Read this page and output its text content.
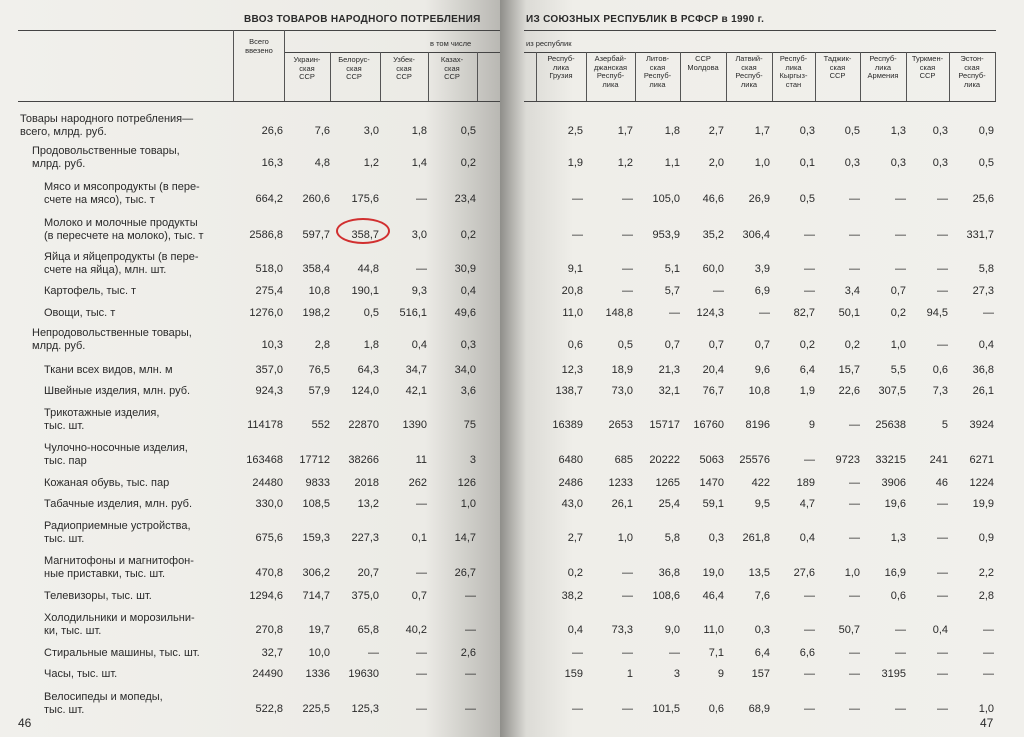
ВВОЗ ТОВАРОВ НАРОДНОГО ПОТРЕБЛЕНИЯ
Всего
ввезено
в том числе
Украин-
ская
ССР
Белорус-
ская
ССР
Узбек-
ская
ССР
Казах-
ская
ССР
Товары народного потребления—
всего, млрд. руб.	26,6	7,6	3,0	1,8	0,5
Продовольственные товары,
млрд. руб.	16,3	4,8	1,2	1,4	0,2
Мясо и мясопродукты (в пере-
счете на мясо), тыс. т	664,2	260,6	175,6	—	23,4
Молоко и молочные продукты
(в пересчете на молоко), тыс. т	2586,8	597,7	358,7	3,0	0,2
Яйца и яйцепродукты (в пере-
счете на яйца), млн. шт.	518,0	358,4	44,8	—	30,9
Картофель, тыс. т	275,4	10,8	190,1	9,3	0,4
Овощи, тыс. т	1276,0	198,2	0,5	516,1	49,6
Непродовольственные товары,
млрд. руб.	10,3	2,8	1,8	0,4	0,3
Ткани всех видов, млн. м	357,0	76,5	64,3	34,7	34,0
Швейные изделия, млн. руб.	924,3	57,9	124,0	42,1	3,6
Трикотажные изделия,
тыс. шт.	114178	552	22870	1390	75
Чулочно-носочные изделия,
тыс. пар	163468	17712	38266	11	3
Кожаная обувь, тыс. пар	24480	9833	2018	262	126
Табачные изделия, млн. руб.	330,0	108,5	13,2	—	1,0
Радиоприемные устройства,
тыс. шт.	675,6	159,3	227,3	0,1	14,7
Магнитофоны и магнитофон-
ные приставки, тыс. шт.	470,8	306,2	20,7	—	26,7
Телевизоры, тыс. шт.	1294,6	714,7	375,0	0,7	—
Холодильники и морозильни-
ки, тыс. шт.	270,8	19,7	65,8	40,2	—
Стиральные машины, тыс. шт.	32,7	10,0	—	—	2,6
Часы, тыс. шт.	24490	1336	19630	—	—
Велосипеды и мопеды,
тыс. шт.	522,8	225,5	125,3	—	—
46
ИЗ СОЮЗНЫХ РЕСПУБЛИК В РСФСР в 1990 г.
из республик
Респуб-
лика
Грузия
Азербай-
джанская
Респуб-
лика
Литов-
ская
Респуб-
лика
ССР
Молдова
Латвий-
ская
Респуб-
лика
Респуб-
лика
Кыргыз-
стан
Таджик-
ская
ССР
Респуб-
лика
Армения
Туркмен-
ская
ССР
Эстон-
ская
Респуб-
лика
2,5	1,7	1,8	2,7	1,7	0,3	0,5	1,3	0,3	0,9
1,9	1,2	1,1	2,0	1,0	0,1	0,3	0,3	0,3	0,5
—	—	105,0	46,6	26,9	0,5	—	—	—	25,6
—	—	953,9	35,2	306,4	—	—	—	—	331,7
9,1	—	5,1	60,0	3,9	—	—	—	—	5,8
20,8	—	5,7	—	6,9	—	3,4	0,7	—	27,3
11,0	148,8	—	124,3	—	82,7	50,1	0,2	94,5	—
0,6	0,5	0,7	0,7	0,7	0,2	0,2	1,0	—	0,4
12,3	18,9	21,3	20,4	9,6	6,4	15,7	5,5	0,6	36,8
138,7	73,0	32,1	76,7	10,8	1,9	22,6	307,5	7,3	26,1
16389	2653	15717	16760	8196	9	—	25638	5	3924
6480	685	20222	5063	25576	—	9723	33215	241	6271
2486	1233	1265	1470	422	189	—	3906	46	1224
43,0	26,1	25,4	59,1	9,5	4,7	—	19,6	—	19,9
2,7	1,0	5,8	0,3	261,8	0,4	—	1,3	—	0,9
0,2	—	36,8	19,0	13,5	27,6	1,0	16,9	—	2,2
38,2	—	108,6	46,4	7,6	—	—	0,6	—	2,8
0,4	73,3	9,0	11,0	0,3	—	50,7	—	0,4	—
—	—	—	7,1	6,4	6,6	—	—	—	—
159	1	3	9	157	—	—	3195	—	—
—	—	101,5	0,6	68,9	—	—	—	—	1,0
47
